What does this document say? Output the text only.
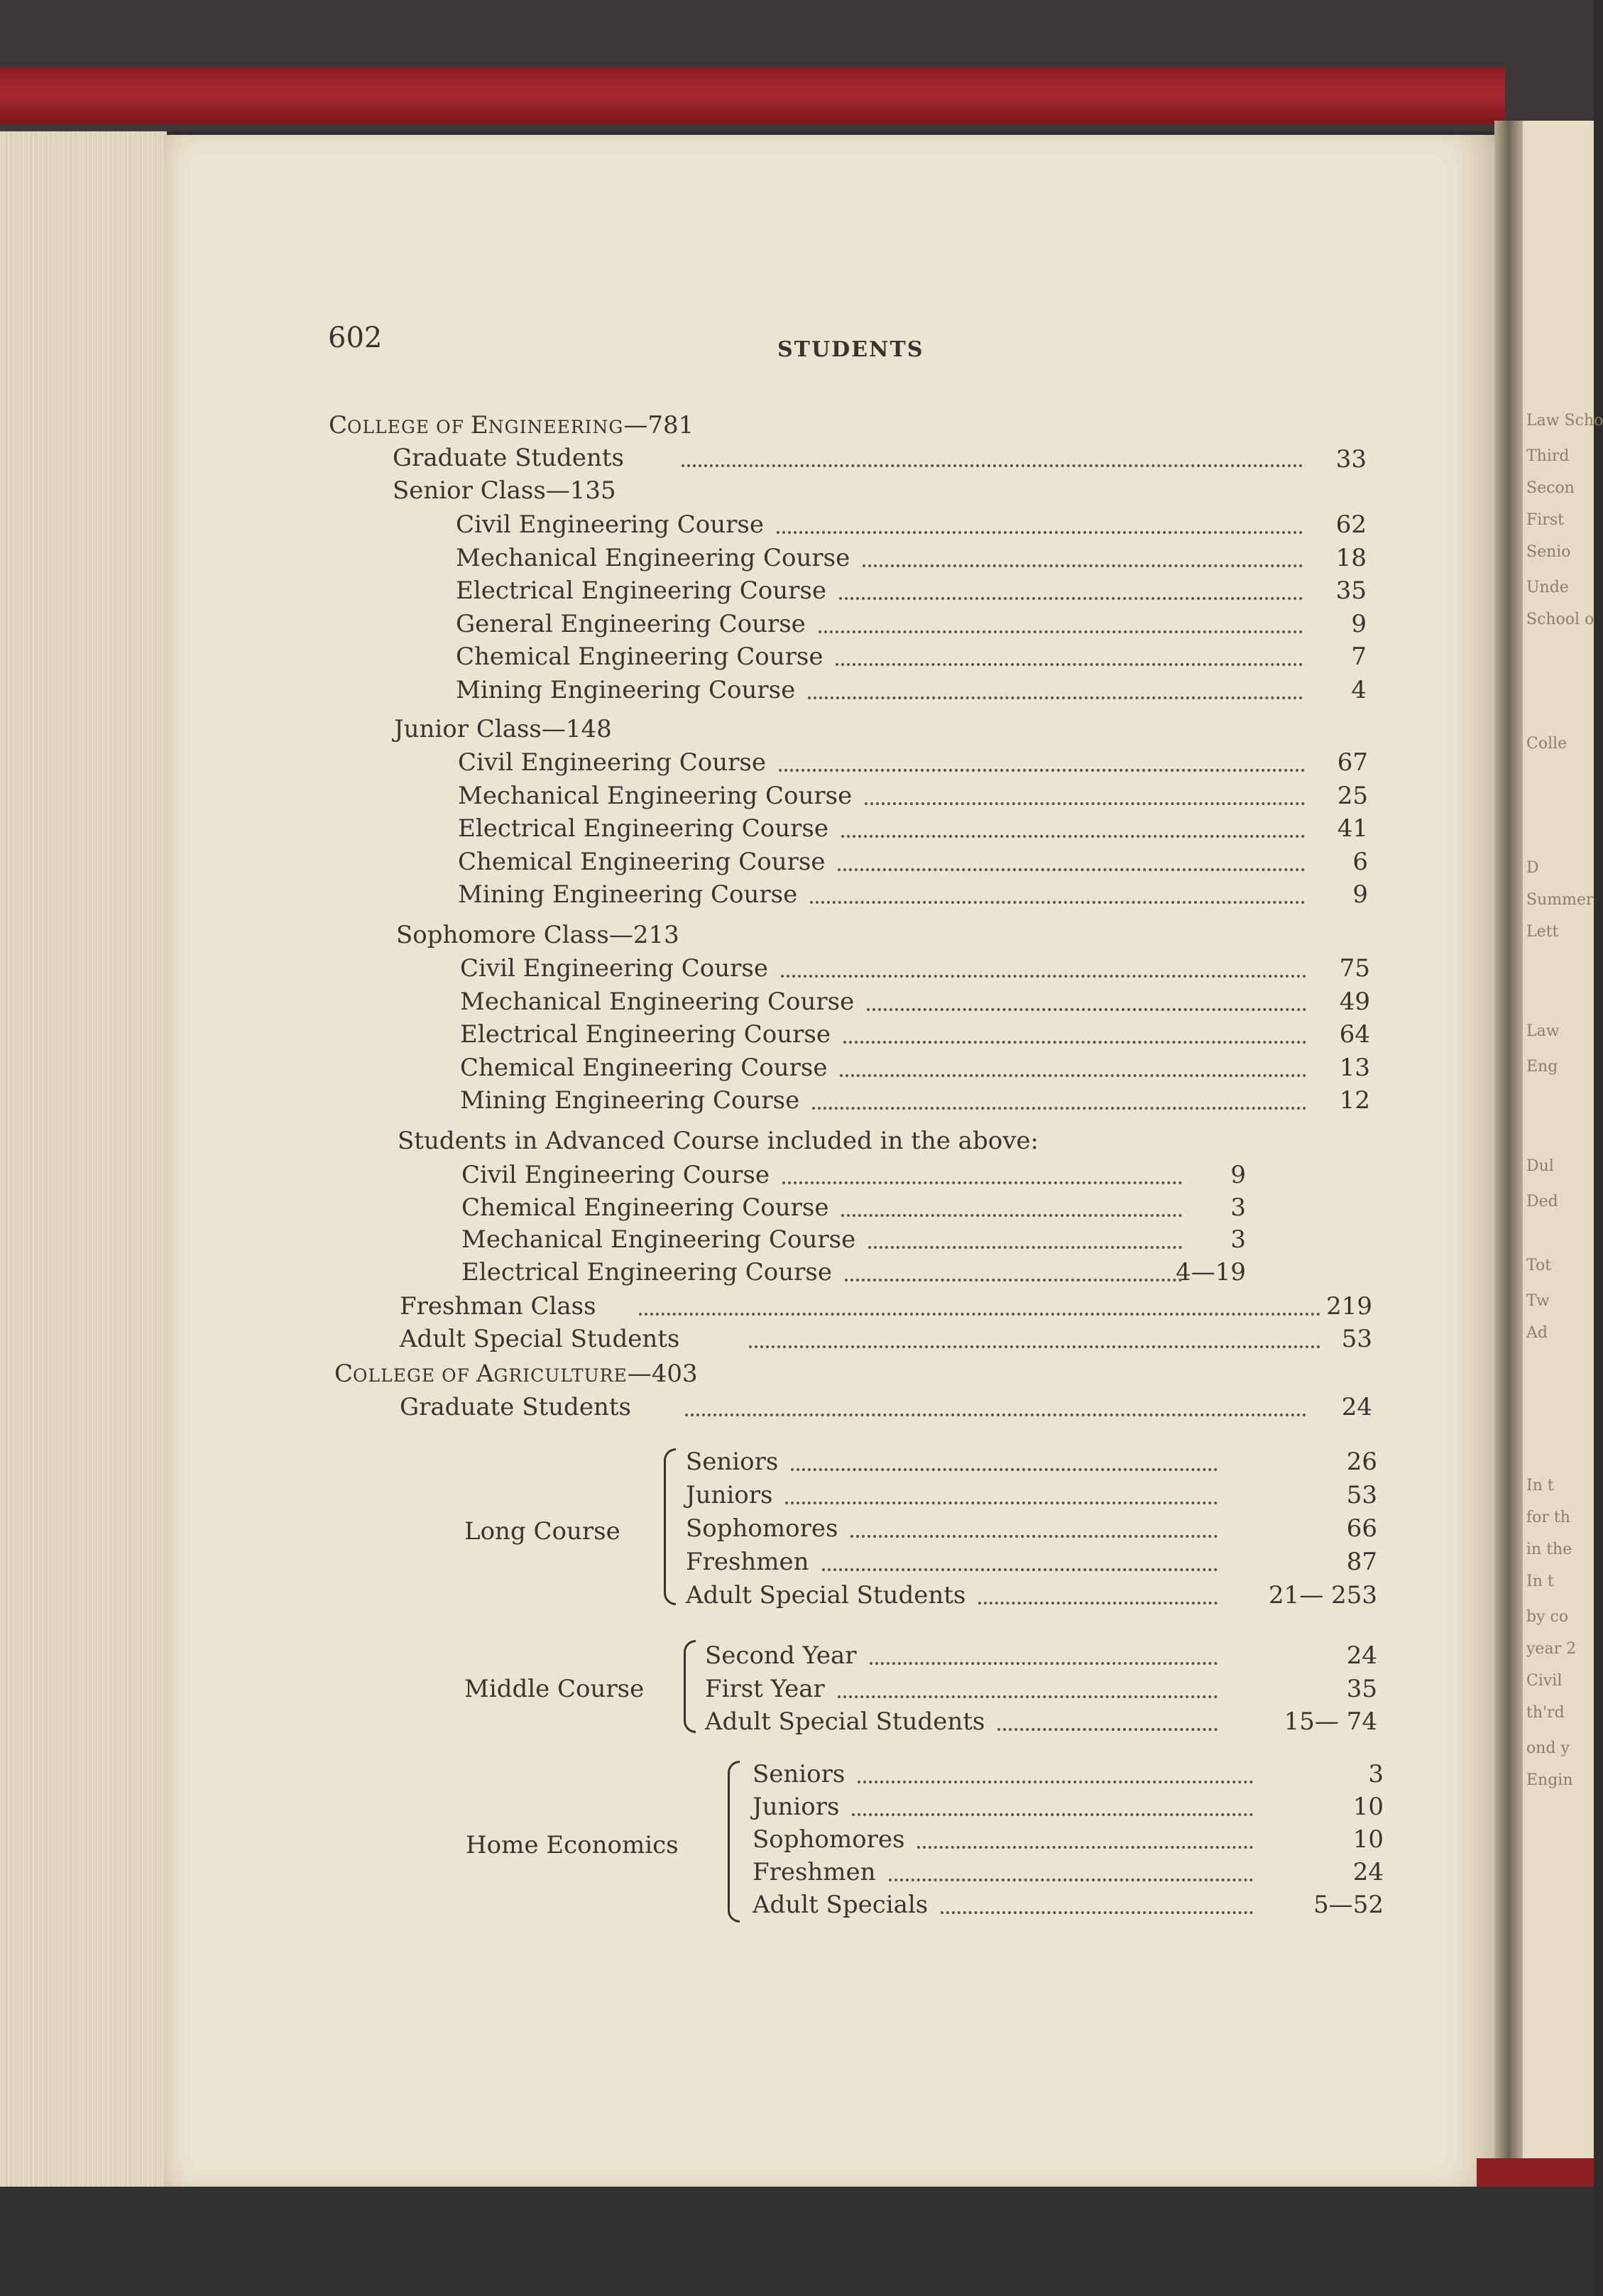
Law Scho
Third
Secon
First
Senio
Unde
School o
Colle
D
Summer
Lett
Law
Eng
Dul
Ded
Tot
Tw
Ad
In t
for th
in the
In t
by co
year 2
Civil
th'rd
ond y
Engin
602	STUDENTS
COLLEGE OF ENGINEERING—781
Graduate Students	33
Senior Class—135
Civil Engineering Course	62
Mechanical Engineering Course	18
Electrical Engineering Course	35
General Engineering Course	9
Chemical Engineering Course	7
Mining Engineering Course	4
Junior Class—148
Civil Engineering Course	67
Mechanical Engineering Course	25
Electrical Engineering Course	41
Chemical Engineering Course	6
Mining Engineering Course	9
Sophomore Class—213
Civil Engineering Course	75
Mechanical Engineering Course	49
Electrical Engineering Course	64
Chemical Engineering Course	13
Mining Engineering Course	12
Students in Advanced Course included in the above:
Civil Engineering Course	9
Chemical Engineering Course	3
Mechanical Engineering Course	3
Electrical Engineering Course	4—19
Freshman Class	219
Adult Special Students	53
COLLEGE OF AGRICULTURE—403
Graduate Students	24
Long Course
Seniors	26
Juniors	53
Sophomores	66
Freshmen	87
Adult Special Students	21— 253
Middle Course
Second Year	24
First Year	35
Adult Special Students	15— 74
Home Economics
Seniors	3
Juniors	10
Sophomores	10
Freshmen	24
Adult Specials	5—52
